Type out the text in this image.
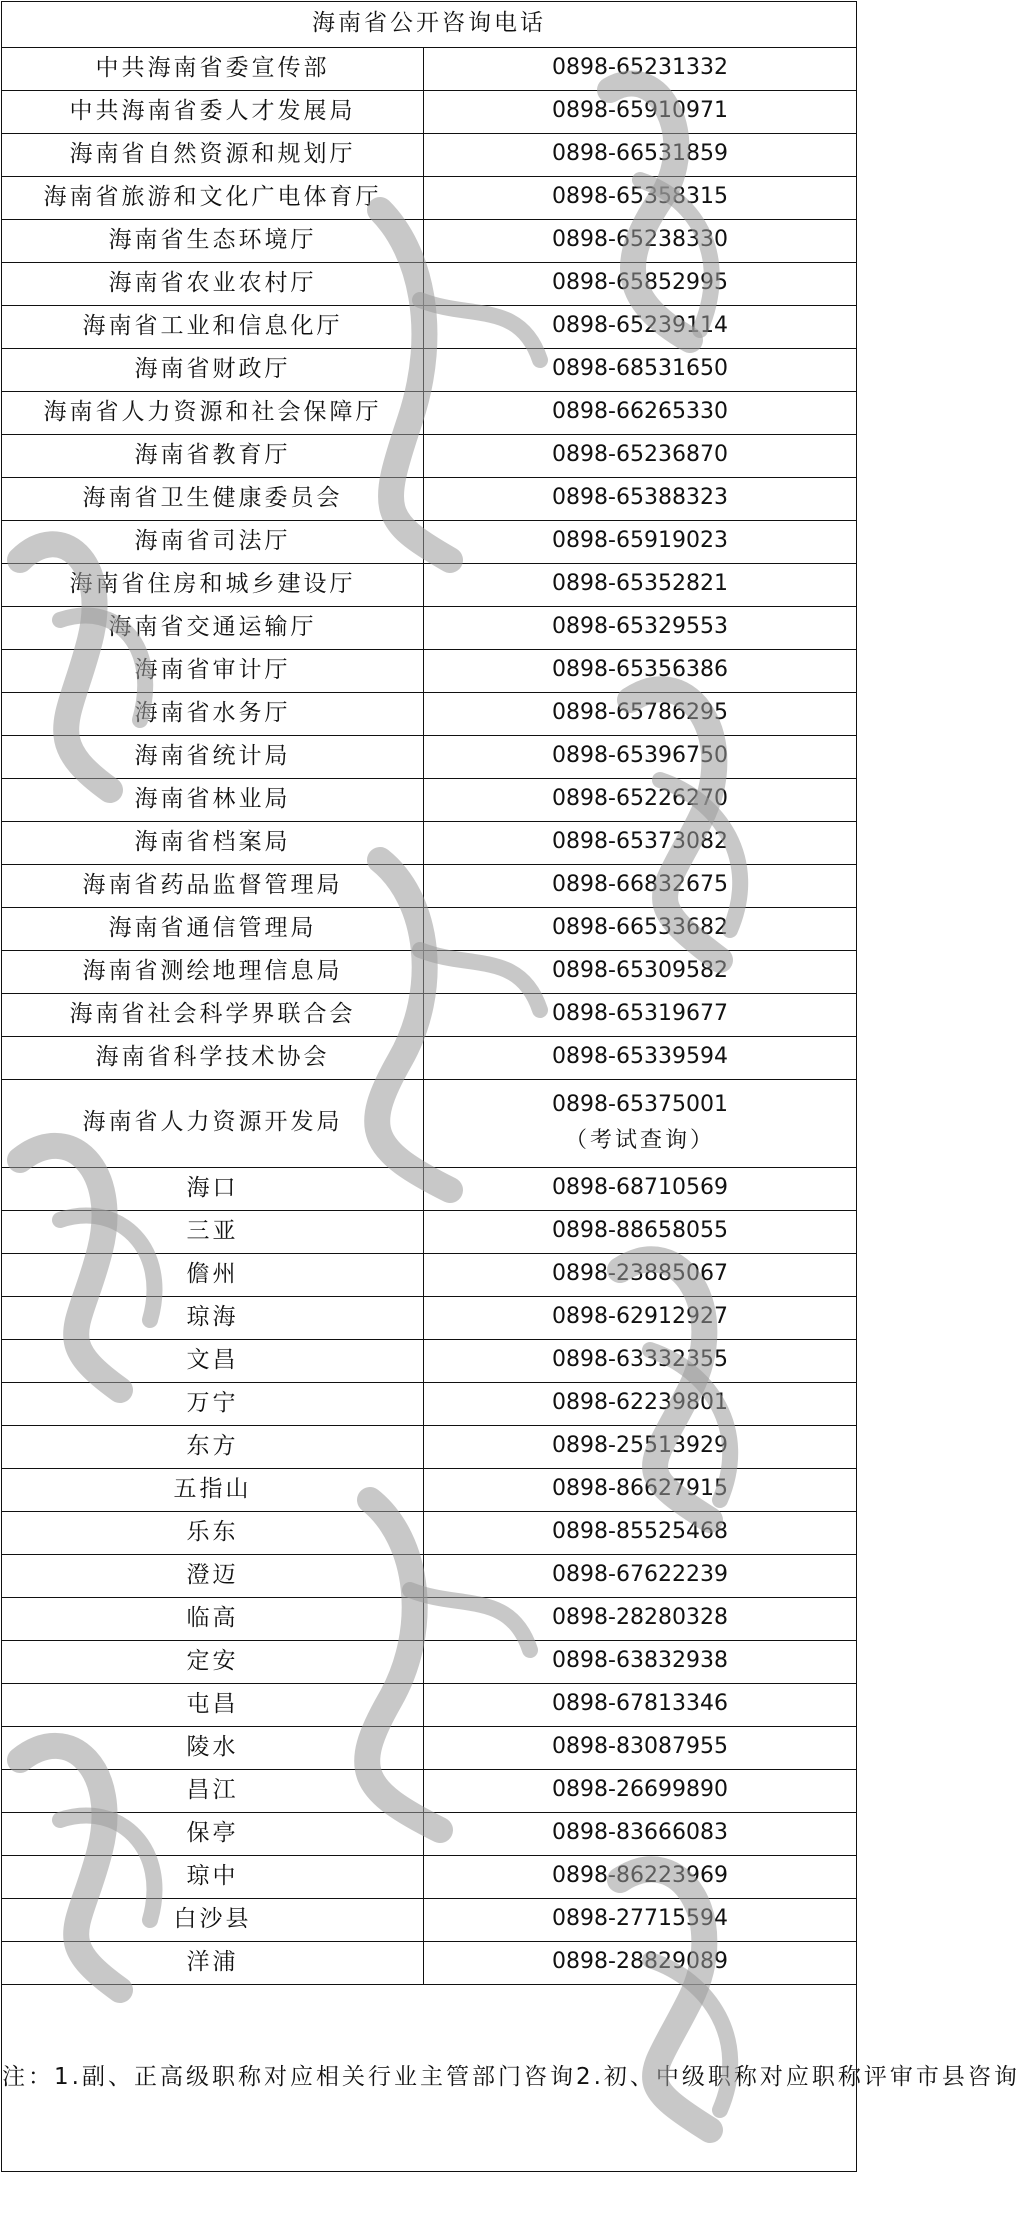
海南省公开咨询电话	
中共海南省委宣传部	0898-65231332
中共海南省委人才发展局	0898-65910971
海南省自然资源和规划厅	0898-66531859
海南省旅游和文化广电体育厅	0898-65358315
海南省生态环境厅	0898-65238330
海南省农业农村厅	0898-65852995
海南省工业和信息化厅	0898-65239114
海南省财政厅	0898-68531650
海南省人力资源和社会保障厅	0898-66265330
海南省教育厅	0898-65236870
海南省卫生健康委员会	0898-65388323
海南省司法厅	0898-65919023
海南省住房和城乡建设厅	0898-65352821
海南省交通运输厅	0898-65329553
海南省审计厅	0898-65356386
海南省水务厅	0898-65786295
海南省统计局	0898-65396750
海南省林业局	0898-65226270
海南省档案局	0898-65373082
海南省药品监督管理局	0898-66832675
海南省通信管理局	0898-66533682
海南省测绘地理信息局	0898-65309582
海南省社会科学界联合会	0898-65319677
海南省科学技术协会	0898-65339594
海南省人力资源开发局	0898-65375001
（考试查询）

海口	0898-68710569
三亚	0898-88658055
儋州	0898-23885067
琼海	0898-62912927
文昌	0898-63332355
万宁	0898-62239801
东方	0898-25513929
五指山	0898-86627915
乐东	0898-85525468
澄迈	0898-67622239
临高	0898-28280328
定安	0898-63832938
屯昌	0898-67813346
陵水	0898-83087955
昌江	0898-26699890
保亭	0898-83666083
琼中	0898-86223969
白沙县	0898-27715594
洋浦	0898-28829089
注：1.副、正高级职称对应相关行业主管部门咨询2.初、中级职称对应职称评审市县咨询	
